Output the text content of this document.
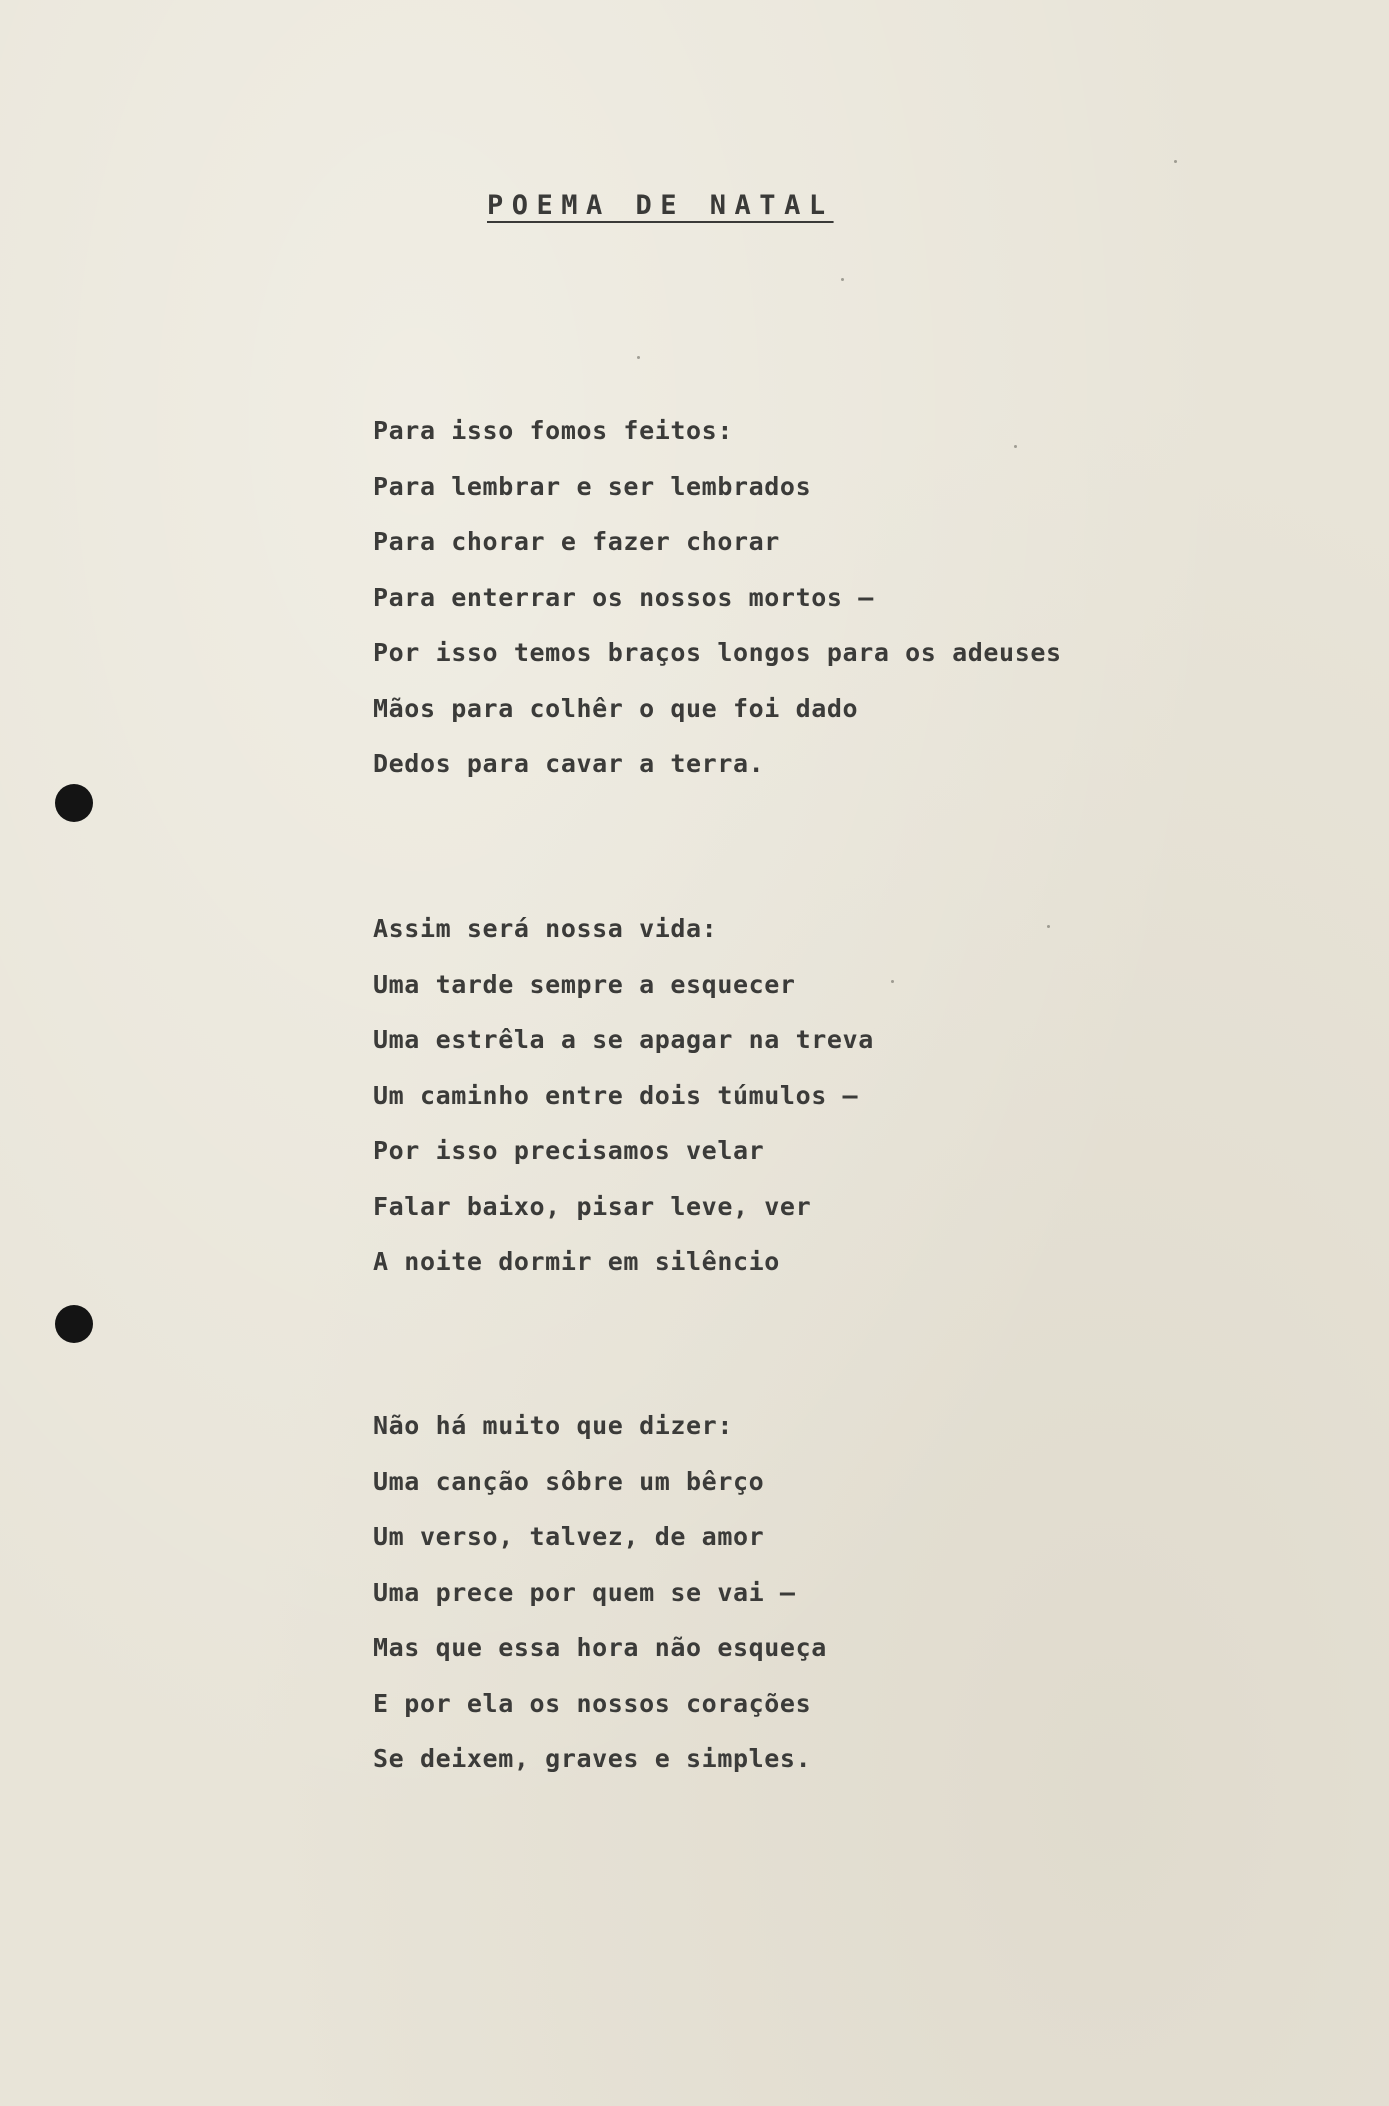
POEMA DE NATAL
Para isso fomos feitos:
Para lembrar e ser lembrados
Para chorar e fazer chorar
Para enterrar os nossos mortos —
Por isso temos braços longos para os adeuses
Mãos para colhêr o que foi dado
Dedos para cavar a terra.
Assim será nossa vida:
Uma tarde sempre a esquecer
Uma estrêla a se apagar na treva
Um caminho entre dois túmulos —
Por isso precisamos velar
Falar baixo, pisar leve, ver
A noite dormir em silêncio
Não há muito que dizer:
Uma canção sôbre um bêrço
Um verso, talvez, de amor
Uma prece por quem se vai —
Mas que essa hora não esqueça
E por ela os nossos corações
Se deixem, graves e simples.
